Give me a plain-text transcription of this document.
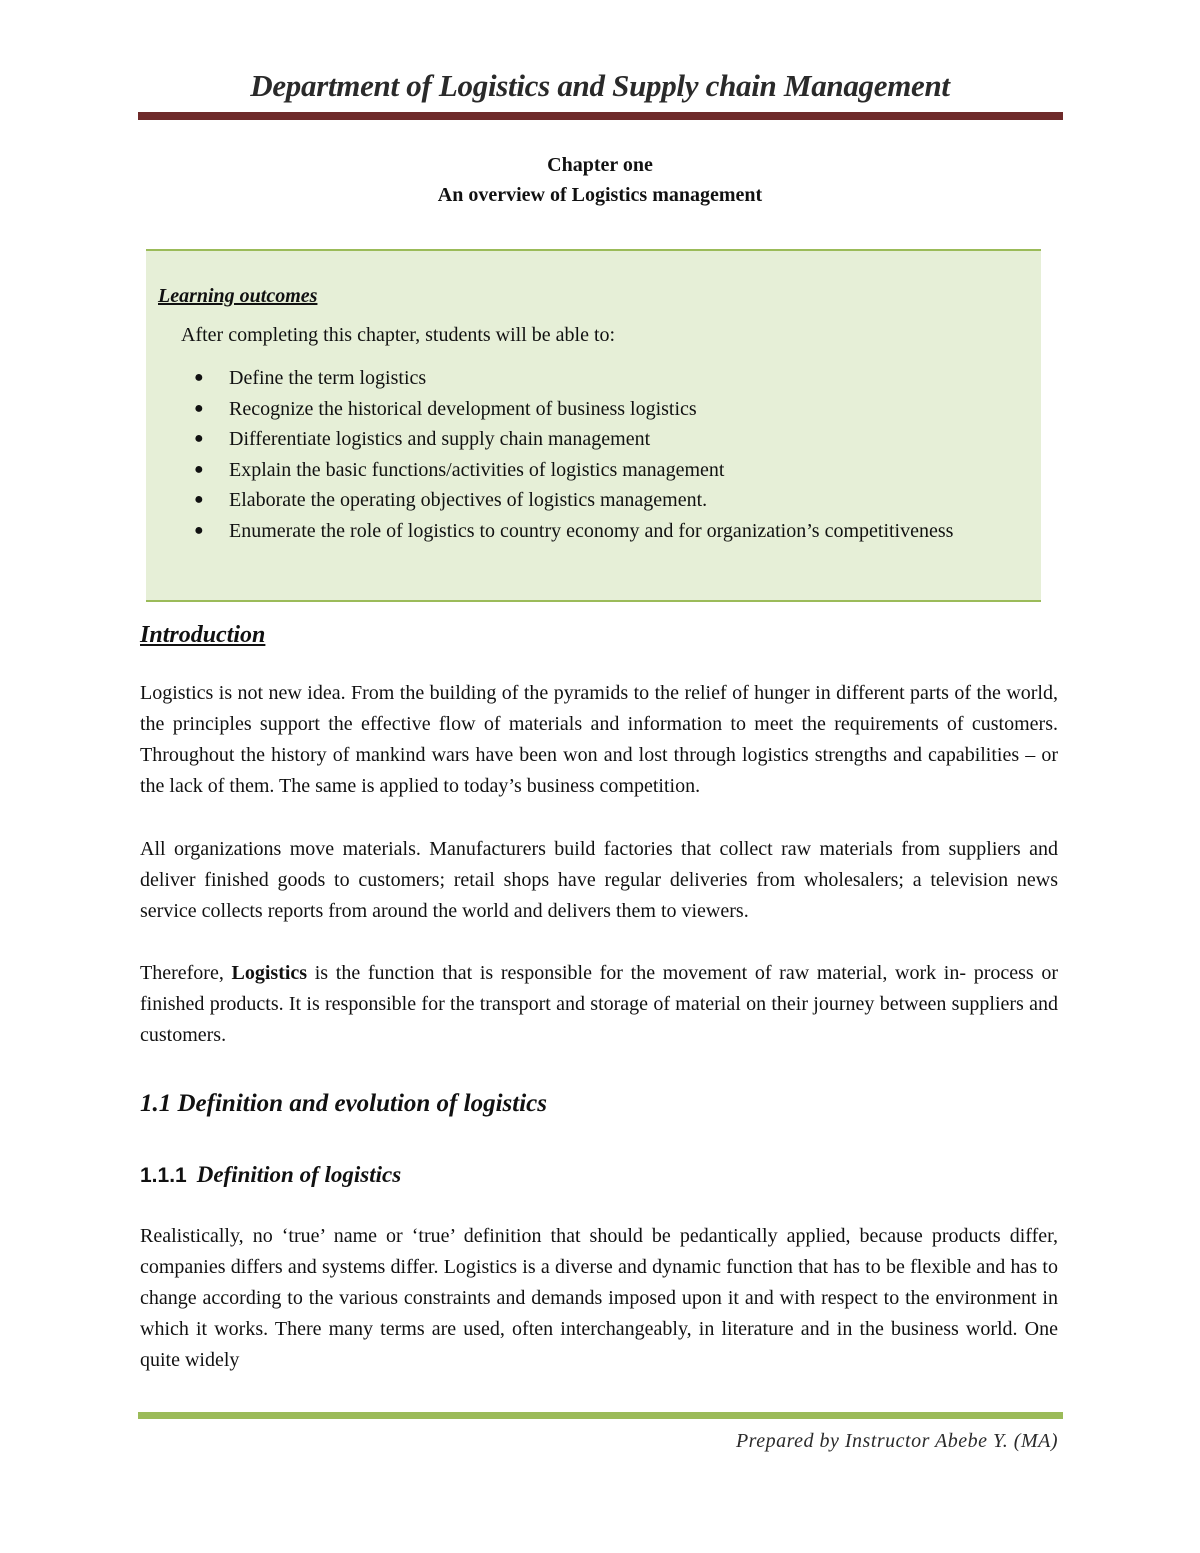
Department of Logistics and Supply chain Management
Chapter one
An overview of Logistics management
Learning outcomes
After completing this chapter, students will be able to:
● Define the term logistics
● Recognize the historical development of business logistics
● Differentiate logistics and supply chain management
● Explain the basic functions/activities of logistics management
● Elaborate the operating objectives of logistics management.
● Enumerate the role of logistics to country economy and for organization’s competitiveness
Introduction

Logistics is not new idea. From the building of the pyramids to the relief of hunger in different parts of the world, the principles support the effective flow of materials and information to meet the requirements of customers. Throughout the history of mankind wars have been won and lost through logistics strengths and capabilities – or the lack of them. The same is applied to today’s business competition.

All organizations move materials. Manufacturers build factories that collect raw materials from suppliers and deliver finished goods to customers; retail shops have regular deliveries from wholesalers; a television news service collects reports from around the world and delivers them to viewers.

Therefore, Logistics is the function that is responsible for the movement of raw material, work in- process or finished products. It is responsible for the transport and storage of material on their journey between suppliers and customers.

1.1 Definition and evolution of logistics
1.1.1 Definition of logistics

Realistically, no ‘true’ name or ‘true’ definition that should be pedantically applied, because products differ, companies differs and systems differ. Logistics is a diverse and dynamic function that has to be flexible and has to change according to the various constraints and demands imposed upon it and with respect to the environment in which it works. There many terms are used, often interchangeably, in literature and in the business world. One quite widely

Prepared by Instructor Abebe Y. (MA)
